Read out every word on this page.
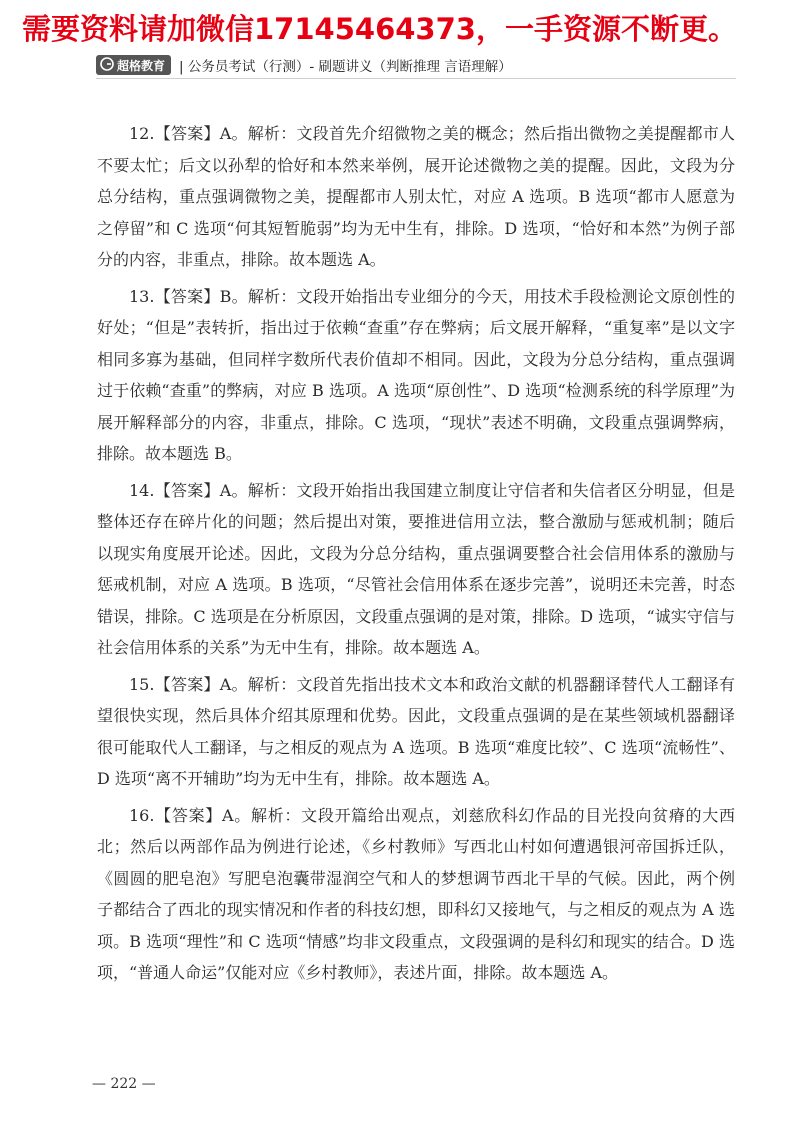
需要资料请加微信17145464373，一手资源不断更。
超格教育 | 公务员考试（行测）- 刷题讲义（判断推理 言语理解）

12.【答案】A。解析：文段首先介绍微物之美的概念；然后指出微物之美提醒都市人不要太忙；后文以孙犁的恰好和本然来举例，展开论述微物之美的提醒。因此，文段为分总分结构，重点强调微物之美，提醒都市人别太忙，对应 A 选项。B 选项“都市人愿意为之停留”和 C 选项“何其短暂脆弱”均为无中生有，排除。D 选项，“恰好和本然”为例子部分的内容，非重点，排除。故本题选 A。

13.【答案】B。解析：文段开始指出专业细分的今天，用技术手段检测论文原创性的好处；“但是”表转折，指出过于依赖“查重”存在弊病；后文展开解释，“重复率”是以文字相同多寡为基础，但同样字数所代表价值却不相同。因此，文段为分总分结构，重点强调过于依赖“查重”的弊病，对应 B 选项。A 选项“原创性”、D 选项“检测系统的科学原理”为展开解释部分的内容，非重点，排除。C 选项，“现状”表述不明确，文段重点强调弊病，排除。故本题选 B。

14.【答案】A。解析：文段开始指出我国建立制度让守信者和失信者区分明显，但是整体还存在碎片化的问题；然后提出对策，要推进信用立法，整合激励与惩戒机制；随后以现实角度展开论述。因此，文段为分总分结构，重点强调要整合社会信用体系的激励与惩戒机制，对应 A 选项。B 选项，“尽管社会信用体系在逐步完善”，说明还未完善，时态错误，排除。C 选项是在分析原因，文段重点强调的是对策，排除。D 选项，“诚实守信与社会信用体系的关系”为无中生有，排除。故本题选 A。

15.【答案】A。解析：文段首先指出技术文本和政治文献的机器翻译替代人工翻译有望很快实现，然后具体介绍其原理和优势。因此，文段重点强调的是在某些领域机器翻译很可能取代人工翻译，与之相反的观点为 A 选项。B 选项“难度比较”、C 选项“流畅性”、D 选项“离不开辅助”均为无中生有，排除。故本题选 A。

16.【答案】A。解析：文段开篇给出观点，刘慈欣科幻作品的目光投向贫瘠的大西北；然后以两部作品为例进行论述，《乡村教师》写西北山村如何遭遇银河帝国拆迁队，《圆圆的肥皂泡》写肥皂泡囊带湿润空气和人的梦想调节西北干旱的气候。因此，两个例子都结合了西北的现实情况和作者的科技幻想，即科幻又接地气，与之相反的观点为 A 选项。B 选项“理性”和 C 选项“情感”均非文段重点，文段强调的是科幻和现实的结合。D 选项，“普通人命运”仅能对应《乡村教师》，表述片面，排除。故本题选 A。

— 222 —
